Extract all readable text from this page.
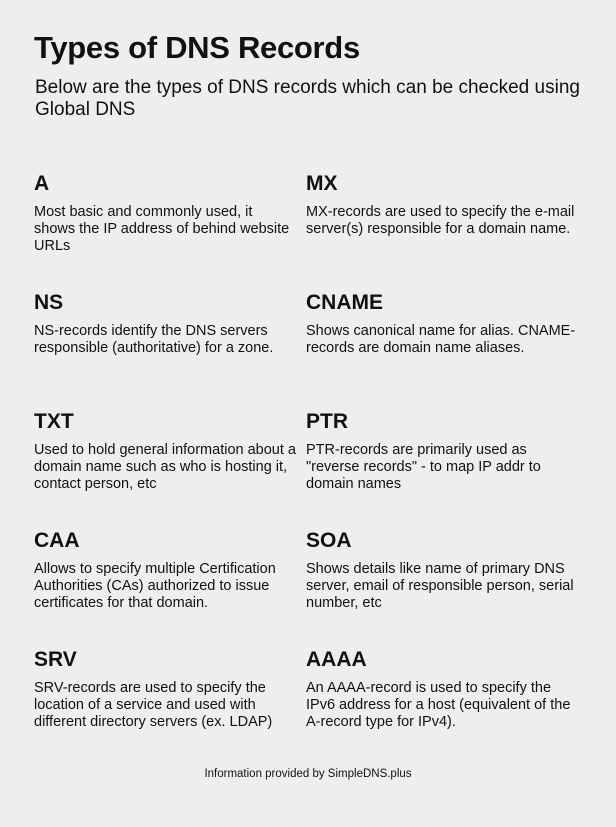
Types of DNS Records

Below are the types of DNS records which can be checked using Global DNS

A

Most basic and commonly used, it shows the IP address of behind website URLs

MX

MX-records are used to specify the e-mail server(s) responsible for a domain name.

NS

NS-records identify the DNS servers responsible (authoritative) for a zone.

CNAME

Shows canonical name for alias. CNAME-records are domain name aliases.

TXT

Used to hold general information about a domain name such as who is hosting it, contact person, etc

PTR

PTR-records are primarily used as "reverse records" - to map IP addr to domain names

CAA

Allows to specify multiple Certification Authorities (CAs) authorized to issue certificates for that domain.

SOA

Shows details like name of primary DNS server, email of responsible person, serial number, etc

SRV

SRV-records are used to specify the location of a service and used with different directory servers (ex. LDAP)

AAAA

An AAAA-record is used to specify the IPv6 address for a host (equivalent of the A-record type for IPv4).

Information provided by SimpleDNS.plus
